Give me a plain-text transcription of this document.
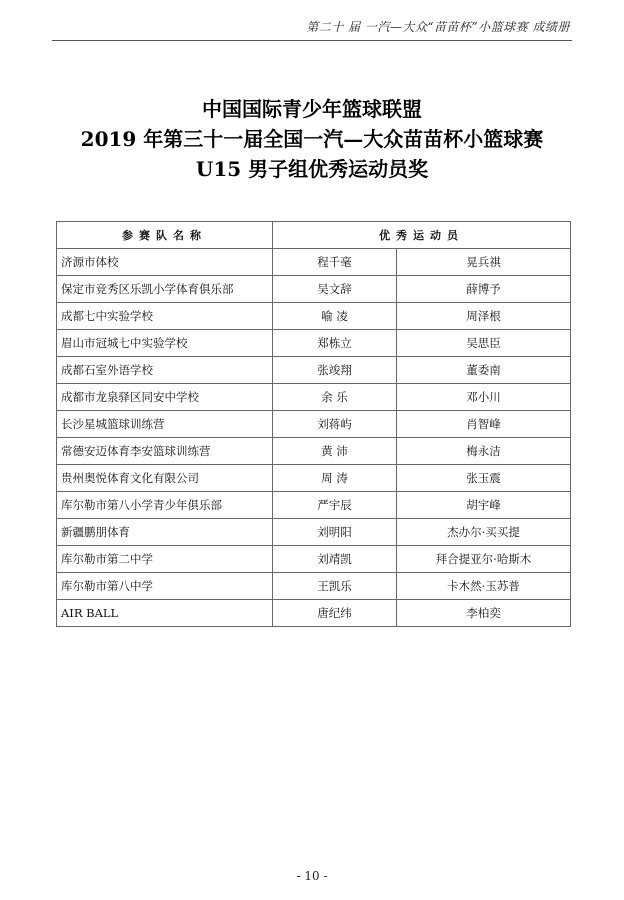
第二十 届 一汽—大众“苗苗杯”小篮球赛 成绩册
中国国际青少年篮球联盟
2019 年第三十一届全国一汽—大众苗苗杯小篮球赛
U15 男子组优秀运动员奖
参赛队名称	优秀运动员	
济源市体校	程千毫	晃兵祺
保定市竞秀区乐凯小学体育俱乐部	吴文辞	薛博予
成都七中实验学校	喻 凌	周泽根
眉山市冠城七中实验学校	郑栋立	吴思臣
成都石室外语学校	张竣翔	董委南
成都市龙泉驿区同安中学校	余 乐	邓小川
长沙星城篮球训练营	刘蒋屿	肖智峰
常德安迈体育李安篮球训练营	黄 沛	梅永洁
贵州奥悦体育文化有限公司	周 涛	张玉震
库尔勒市第八小学青少年俱乐部	严宇辰	胡宇峰
新疆鹏朋体育	刘明阳	杰办尔·买买提
库尔勒市第二中学	刘靖凯	拜合提亚尔·哈斯木
库尔勒市第八中学	王凯乐	卡木然·玉苏普
AIR BALL	唐纪纬	李柏奕
- 10 -
